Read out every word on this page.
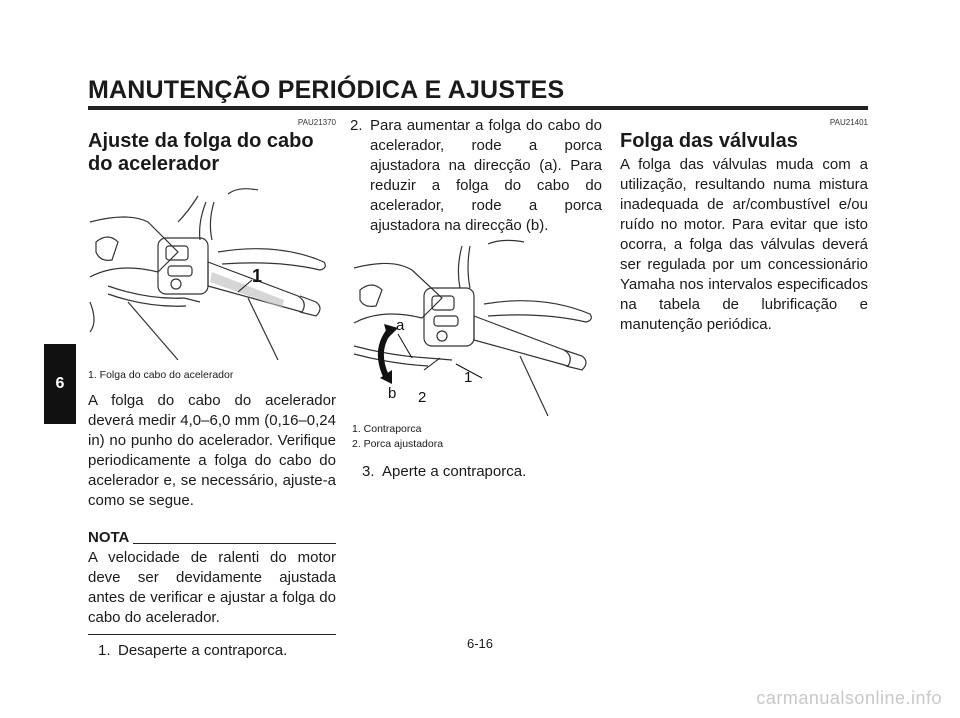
MANUTENÇÃO PERIÓDICA E AJUSTES
6
PAU21370
Ajuste da folga do cabo do acelerador
1

1. Folga do cabo do acelerador

A folga do cabo do acelerador deverá medir 4,0–6,0 mm (0,16–0,24 in) no punho do acelerador. Verifique periodicamente a folga do cabo do acelerador e, se necessário, ajuste-a como se segue.

NOTA

A velocidade de ralenti do motor deve ser devidamente ajustada antes de verificar e ajustar a folga do cabo do acelerador.

1. Desaperte a contraporca.
2. Para aumentar a folga do cabo do acelerador, rode a porca ajustadora na direcção (a). Para reduzir a folga do cabo do acelerador, rode a porca ajustadora na direcção (b).
a
b 2
1

1. Contraporca

2. Porca ajustadora

3. Aperte a contraporca.
PAU21401
Folga das válvulas

A folga das válvulas muda com a utilização, resultando numa mistura inadequada de ar/combustível e/ou ruído no motor. Para evitar que isto ocorra, a folga das válvulas deverá ser regulada por um concessionário Yamaha nos intervalos especificados na tabela de lubrificação e manutenção periódica.

6-16
carmanualsonline.info
